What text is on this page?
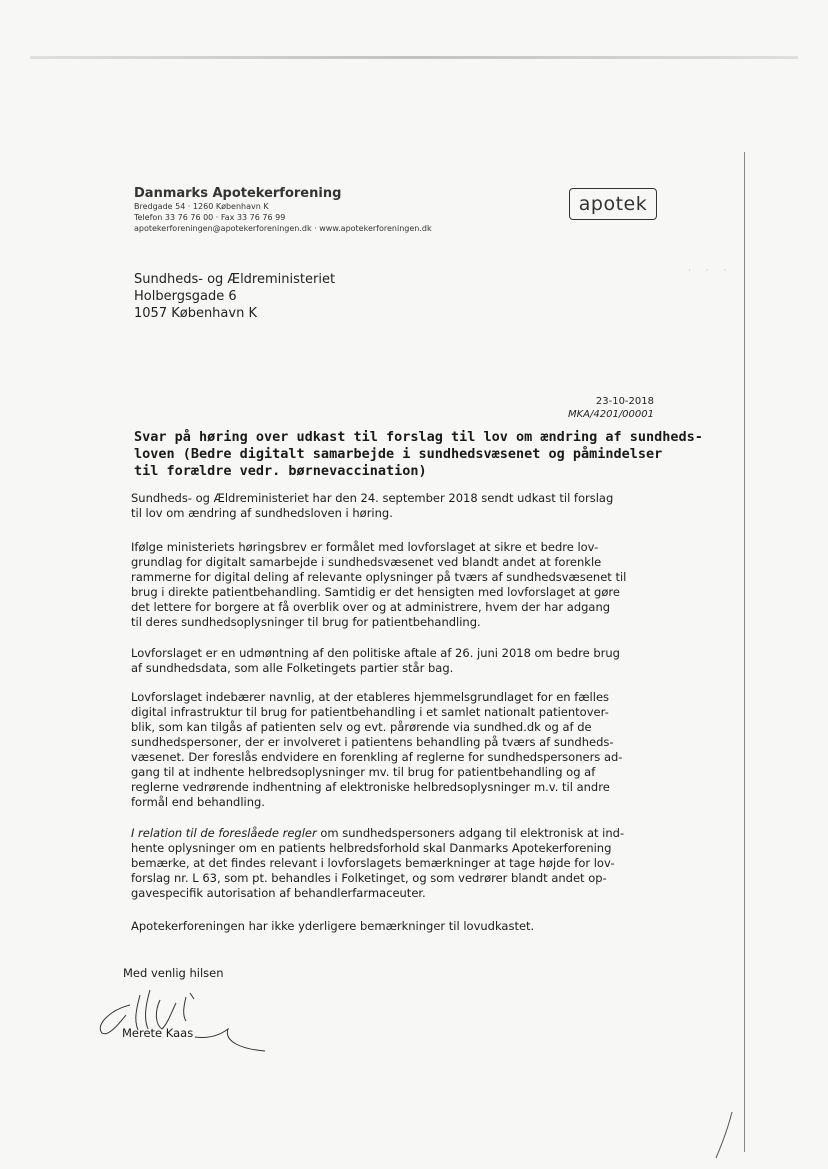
· · ·
Danmarks Apotekerforening
Bredgade 54 · 1260 København K
Telefon 33 76 76 00 · Fax 33 76 76 99
apotekerforeningen@apotekerforeningen.dk · www.apotekerforeningen.dk
apotek
Sundheds- og Ældreministeriet
Holbergsgade 6
1057 København K
23-10-2018
MKA/4201/00001
Svar på høring over udkast til forslag til lov om ændring af sundheds-
loven (Bedre digitalt samarbejde i sundhedsvæsenet og påmindelser
til forældre vedr. børnevaccination)
Sundheds- og Ældreministeriet har den 24. september 2018 sendt udkast til forslag
til lov om ændring af sundhedsloven i høring.
Ifølge ministeriets høringsbrev er formålet med lovforslaget at sikre et bedre lov-
grundlag for digitalt samarbejde i sundhedsvæsenet ved blandt andet at forenkle
rammerne for digital deling af relevante oplysninger på tværs af sundhedsvæsenet til
brug i direkte patientbehandling. Samtidig er det hensigten med lovforslaget at gøre
det lettere for borgere at få overblik over og at administrere, hvem der har adgang
til deres sundhedsoplysninger til brug for patientbehandling.
Lovforslaget er en udmøntning af den politiske aftale af 26. juni 2018 om bedre brug
af sundhedsdata, som alle Folketingets partier står bag.
Lovforslaget indebærer navnlig, at der etableres hjemmelsgrundlaget for en fælles
digital infrastruktur til brug for patientbehandling i et samlet nationalt patientover-
blik, som kan tilgås af patienten selv og evt. pårørende via sundhed.dk og af de
sundhedspersoner, der er involveret i patientens behandling på tværs af sundheds-
væsenet. Der foreslås endvidere en forenkling af reglerne for sundhedspersoners ad-
gang til at indhente helbredsoplysninger mv. til brug for patientbehandling og af
reglerne vedrørende indhentning af elektroniske helbredsoplysninger m.v. til andre
formål end behandling.
I relation til de foreslåede regler om sundhedspersoners adgang til elektronisk at ind-
hente oplysninger om en patients helbredsforhold skal Danmarks Apotekerforening
bemærke, at det findes relevant i lovforslagets bemærkninger at tage højde for lov-
forslag nr. L 63, som pt. behandles i Folketinget, og som vedrører blandt andet op-
gavespecifik autorisation af behandlerfarmaceuter.
Apotekerforeningen har ikke yderligere bemærkninger til lovudkastet.
Med venlig hilsen
Merete Kaas
